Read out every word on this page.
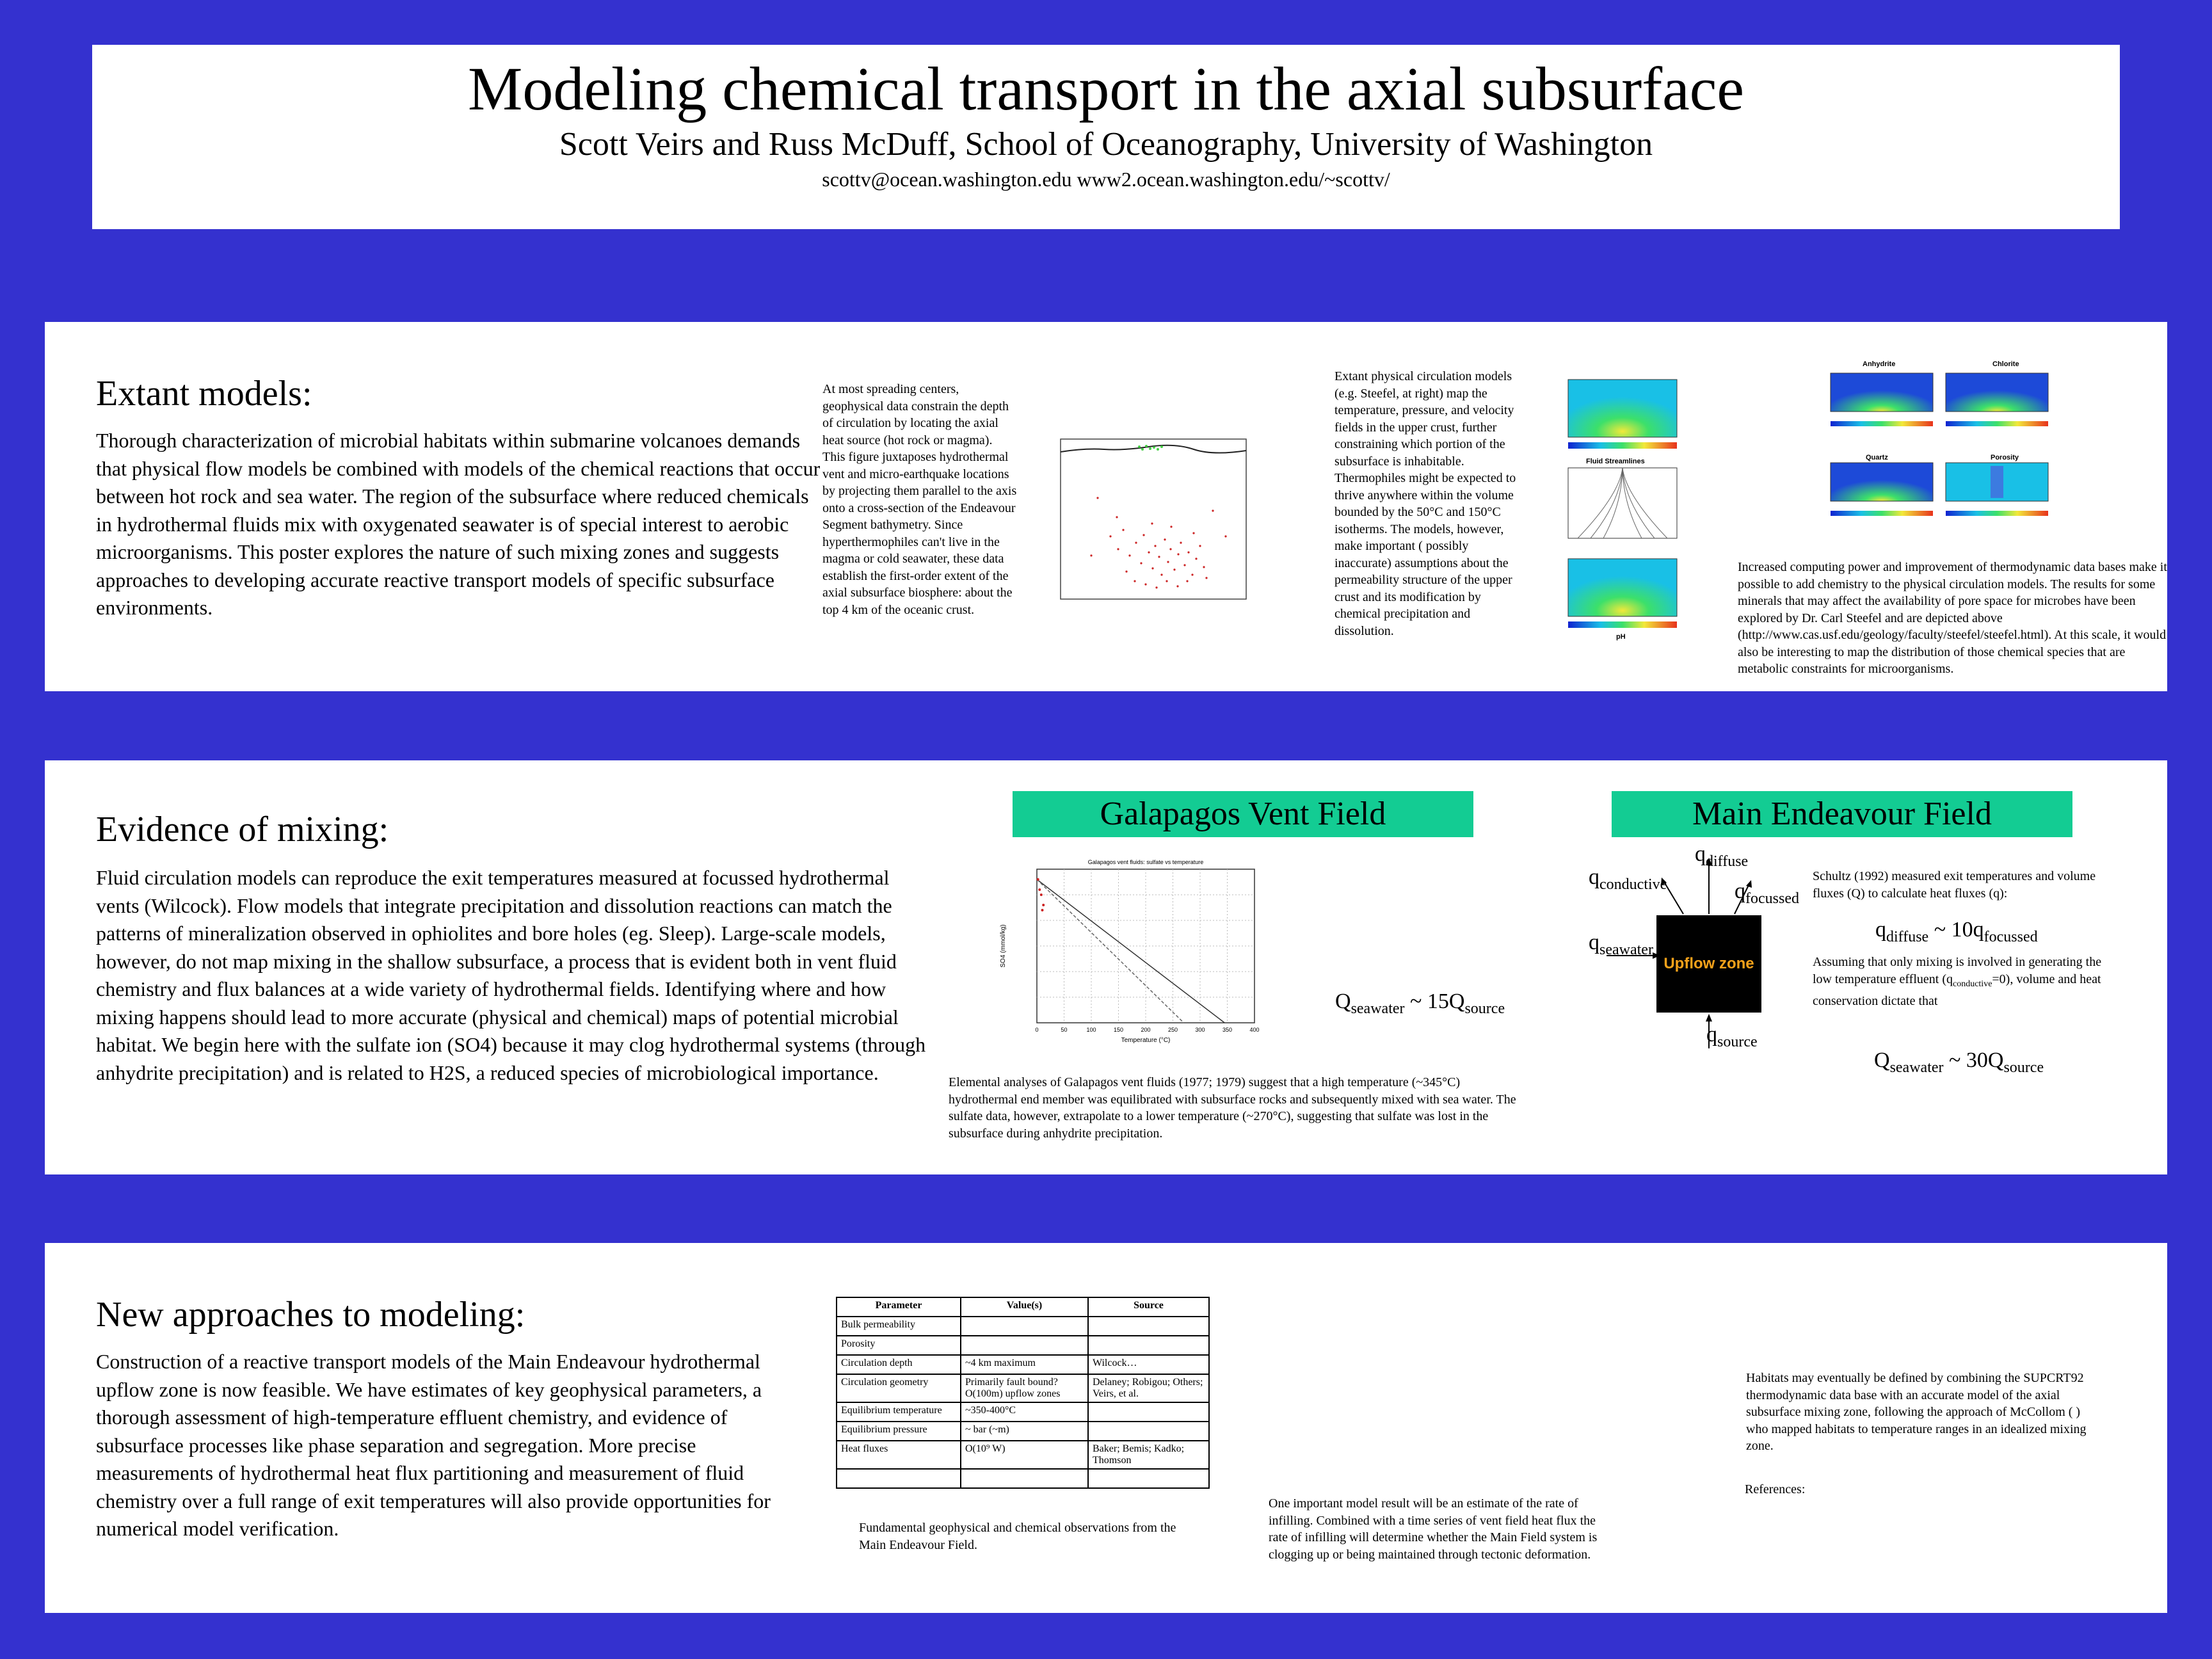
Modeling chemical transport in the axial subsurface
Scott Veirs and Russ McDuff, School of Oceanography, University of Washington
scottv@ocean.washington.edu www2.ocean.washington.edu/~scottv/
Extant models:
Thorough characterization of microbial habitats within submarine volcanoes demands that physical flow models be combined with models of the chemical reactions that occur between hot rock and sea water. The region of the subsurface where reduced chemicals in hydrothermal fluids mix with oxygenated seawater is of special interest to aerobic microorganisms. This poster explores the nature of such mixing zones and suggests approaches to developing accurate reactive transport models of specific subsurface environments.
At most spreading centers, geophysical data constrain the depth of circulation by locating the axial heat source (hot rock or magma). This figure juxtaposes hydrothermal vent and micro-earthquake locations by projecting them parallel to the axis onto a cross-section of the Endeavour Segment bathymetry. Since hyperthermophiles can't live in the magma or cold seawater, these data establish the first-order extent of the axial subsurface biosphere: about the top 4 km of the oceanic crust.
Extant physical circulation models (e.g. Steefel, at right) map the temperature, pressure, and velocity fields in the upper crust, further constraining which portion of the subsurface is inhabitable. Thermophiles might be expected to thrive anywhere within the volume bounded by the 50°C and 150°C isotherms. The models, however, make important ( possibly inaccurate) assumptions about the permeability structure of the upper crust and its modification by chemical precipitation and dissolution.
Fluid Streamlines
pH
Anhydrite	Chlorite
Quartz	Porosity
Increased computing power and improvement of thermodynamic data bases make it possible to add chemistry to the physical circulation models. The results for some minerals that may affect the availability of pore space for microbes have been explored by Dr. Carl Steefel and are depicted above (http://www.cas.usf.edu/geology/faculty/steefel/steefel.html). At this scale, it would also be interesting to map the distribution of those chemical species that are metabolic constraints for microorganisms.
Evidence of mixing:
Fluid circulation models can reproduce the exit temperatures measured at focussed hydrothermal vents (Wilcock). Flow models that integrate precipitation and dissolution reactions can match the patterns of mineralization observed in ophiolites and bore holes (eg. Sleep). Large-scale models, however, do not map mixing in the shallow subsurface, a process that is evident both in vent fluid chemistry and flux balances at a wide variety of hydrothermal fields. Identifying where and how mixing happens should lead to more accurate (physical and chemical) maps of potential microbial habitat. We begin here with the sulfate ion (SO4) because it may clog hydrothermal systems (through anhydrite precipitation) and is related to H2S, a reduced species of microbiological importance.
Galapagos Vent Field	Main Endeavour Field
0	50	100	150	200	250	300	350	400
Temperature (°C)
SO4 (mmol/kg)
Galapagos vent fluids: sulfate vs temperature
$Q_{seawater}$ ~ $15Q_{source}$
Elemental analyses of Galapagos vent fluids (1977; 1979) suggest that a high temperature (~345°C) hydrothermal end member was equilibrated with subsurface rocks and subsequently mixed with sea water. The sulfate data, however, extrapolate to a lower temperature (~270°C), suggesting that sulfate was lost in the subsurface during anhydrite precipitation.
Upflow zone
$q_{diffuse}$
$q_{conductive}$	$q_{focussed}$
$q_{seawater}$
$q_{source}$
Schultz (1992) measured exit temperatures and volume fluxes (Q) to calculate heat fluxes (q):
$q_{diffuse}$ ~ $10q_{focussed}$
Assuming that only mixing is involved in generating the low temperature effluent $(q_{conductive}=0)$, volume and heat conservation dictate that
$Q_{seawater}$ ~ $30Q_{source}$
New approaches to modeling:
Construction of a reactive transport models of the Main Endeavour hydrothermal upflow zone is now feasible. We have estimates of key geophysical parameters, a thorough assessment of high-temperature effluent chemistry, and evidence of subsurface processes like phase separation and segregation. More precise measurements of hydrothermal heat flux partitioning and measurement of fluid chemistry over a full range of exit temperatures will also provide opportunities for numerical model verification.
Parameter	Value(s)	Source
Bulk permeability		
Porosity		
Circulation depth	~4 km maximum	Wilcock…
Circulation geometry	Primarily fault bound? O(100m) upflow zones	Delaney; Robigou; Others; Veirs, et al.
Equilibrium temperature	~350-400°C	
Equilibrium pressure	~ bar (~m)	
Heat fluxes	O(10⁹ W)	Baker; Bemis; Kadko; Thomson

Fundamental geophysical and chemical observations from the Main Endeavour Field.
One important model result will be an estimate of the rate of infilling. Combined with a time series of vent field heat flux the rate of infilling will determine whether the Main Field system is clogging up or being maintained through tectonic deformation.
Habitats may eventually be defined by combining the SUPCRT92 thermodynamic data base with an accurate model of the axial subsurface mixing zone, following the approach of McCollom ( ) who mapped habitats to temperature ranges in an idealized mixing zone.
References:
